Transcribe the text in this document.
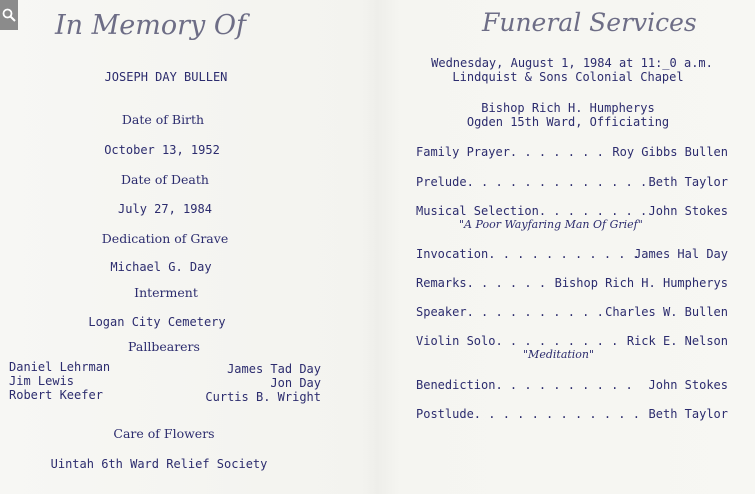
In Memory Of
JOSEPH DAY BULLEN
Date of Birth
October 13, 1952
Date of Death
July 27, 1984
Dedication of Grave
Michael G. Day
Interment
Logan City Cemetery
Pallbearers
Daniel Lehrman
Jim Lewis
Robert Keefer
James Tad Day
Jon Day
Curtis B. Wright
Care of Flowers
Uintah 6th Ward Relief Society
Funeral Services
Wednesday, August 1, 1984 at 11:_0 a.m.
Lindquist & Sons Colonial Chapel
Bishop Rich H. Humpherys
Ogden 15th Ward, Officiating
Family Prayer. . . . . . . Roy Gibbs Bullen
Prelude. . . . . . . . . . . . . Beth Taylor
Musical Selection. . . . . . . . John Stokes
"A Poor Wayfaring Man Of Grief"
Invocation. . . . . . . . . . .
James Hal Day
Remarks. . . . . . Bishop Rich H. Humpherys
Speaker. . . . . . . . . . Charles W. Bullen
Violin Solo. . . . . . . . . Rick E. Nelson
"Meditation"
Benediction. . . . . . . . . . John Stokes
Postlude. . . . . . . . . . . . Beth Taylor
